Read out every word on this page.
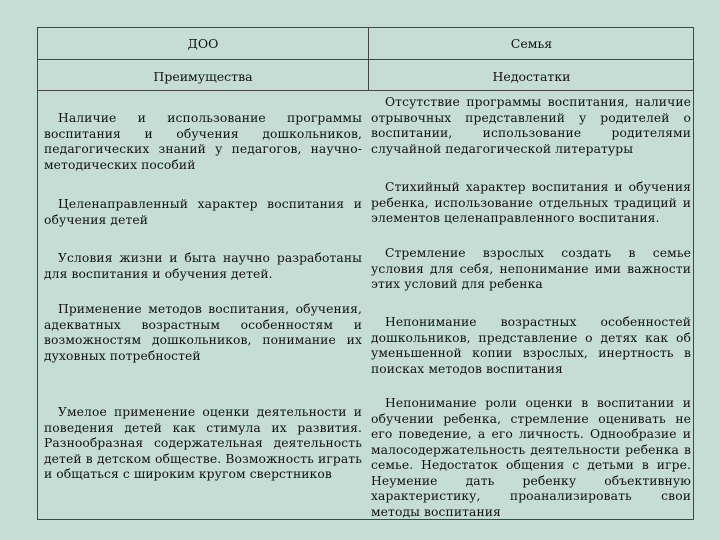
ДОО	Семья
Преимущества	Недостатки

Наличие и использование программы воспитания и обучения дошкольников, педагогических знаний у педагогов, научно-методических пособий

Отсутствие программы воспитания, наличие отрывочных представлений у родителей о воспитании, использование родителями случайной педагогической литературы

Целенаправленный характер воспитания и обучения детей

Стихийный характер воспитания и обучения ребенка, использование отдельных традиций и элементов целенаправленного воспитания.

Условия жизни и быта научно разработаны для воспитания и обучения детей.

Стремление взрослых создать в семье условия для себя, непонимание ими важности этих условий для ребенка

Применение методов воспитания, обучения, адекватных возрастным особенностям и возможностям дошкольников, понимание их духовных потребностей

Непонимание возрастных особенностей дошкольников, представление о детях как об уменьшенной копии взрослых, инертность в поисках методов воспитания

Умелое применение оценки деятельности и поведения детей как стимула их развития. Разнообразная содержательная деятельность детей в детском обществе. Возможность играть и общаться с широким кругом сверстников

Непонимание роли оценки в воспитании и обучении ребенка, стремление оценивать не его поведение, а его личность. Однообразие и малосодержательность деятельности ребенка в семье. Недостаток общения с детьми в игре. Неумение дать ребенку объективную характеристику, проанализировать свои методы воспитания
